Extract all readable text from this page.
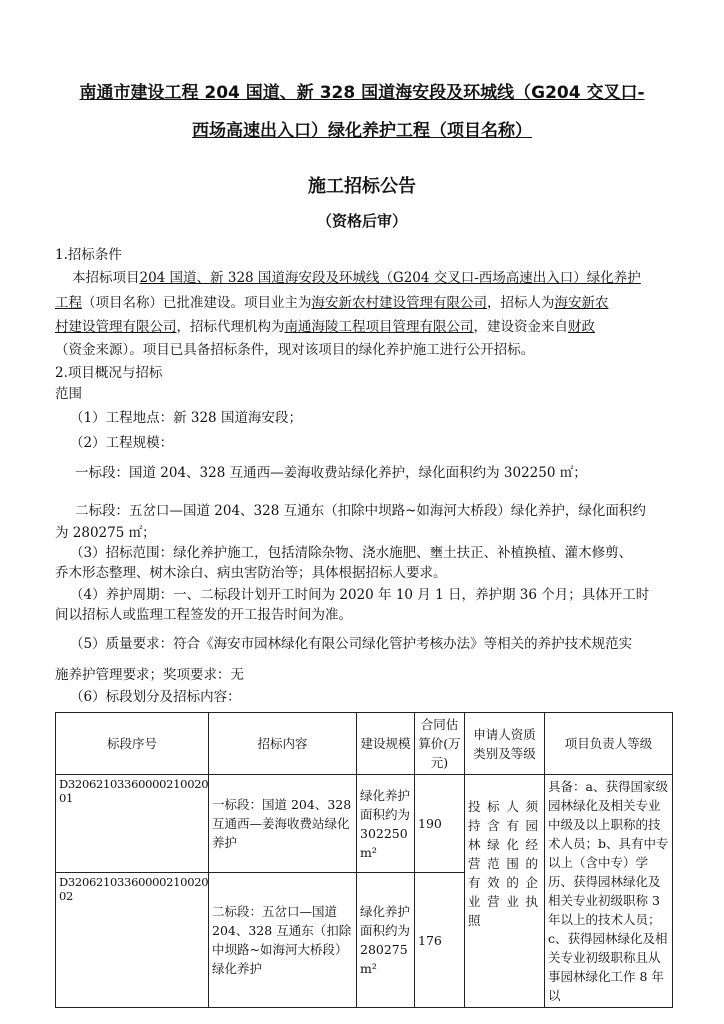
南通市建设工程 204 国道、新 328 国道海安段及环城线（G204 交叉口-
西场高速出入口）绿化养护工程（项目名称）
施工招标公告
（资格后审）
1.招标条件
本招标项目204 国道、新 328 国道海安段及环城线（G204 交叉口-西场高速出入口）绿化养护
工程（项目名称）已批准建设。项目业主为海安新农村建设管理有限公司，招标人为海安新农
村建设管理有限公司，招标代理机构为南通海陵工程项目管理有限公司，建设资金来自财政
（资金来源）。项目已具备招标条件，现对该项目的绿化养护施工进行公开招标。
2.项目概况与招标
范围
（1）工程地点：新 328 国道海安段；
（2）工程规模：
一标段：国道 204、328 互通西—姜海收费站绿化养护，绿化面积约为 302250 ㎡；
二标段：五岔口—国道 204、328 互通东（扣除中坝路~如海河大桥段）绿化养护，绿化面积约
为 280275 ㎡；
（3）招标范围：绿化养护施工，包括清除杂物、浇水施肥、壅土扶正、补植换植、灌木修剪、
乔木形态整理、树木涂白、病虫害防治等；具体根据招标人要求。
（4）养护周期：一、二标段计划开工时间为 2020 年 10 月 1 日，养护期 36 个月；具体开工时
间以招标人或监理工程签发的开工报告时间为准。
（5）质量要求：符合《海安市园林绿化有限公司绿化管护考核办法》等相关的养护技术规范实
施养护管理要求；奖项要求：无
（6）标段划分及招标内容：
标段序号	招标内容	建设规模	合同估算价(万元)	申请人资质类别及等级	项目负责人等级
D32062103360000210020​01	一标段：国道 204、328 互通西—姜海收费站绿化养护	绿化养护面积约为 302250 m²	190	投标人须持含有园林绿化经营范围的有效的企业营业执照	具备：a、获得国家级园林绿化及相关专业中级及以上职称的技术人员；b、具有中专以上（含中专）学历、获得园林绿化及相关专业初级职称 3 年以上的技术人员；c、获得园林绿化及相关专业初级职称且从事园林绿化工作 8 年以
D32062103360000210020​02	二标段：五岔口—国道 204、328 互通东（扣除中坝路~如海河大桥段）绿化养护	绿化养护面积约为 280275 m²	176		
